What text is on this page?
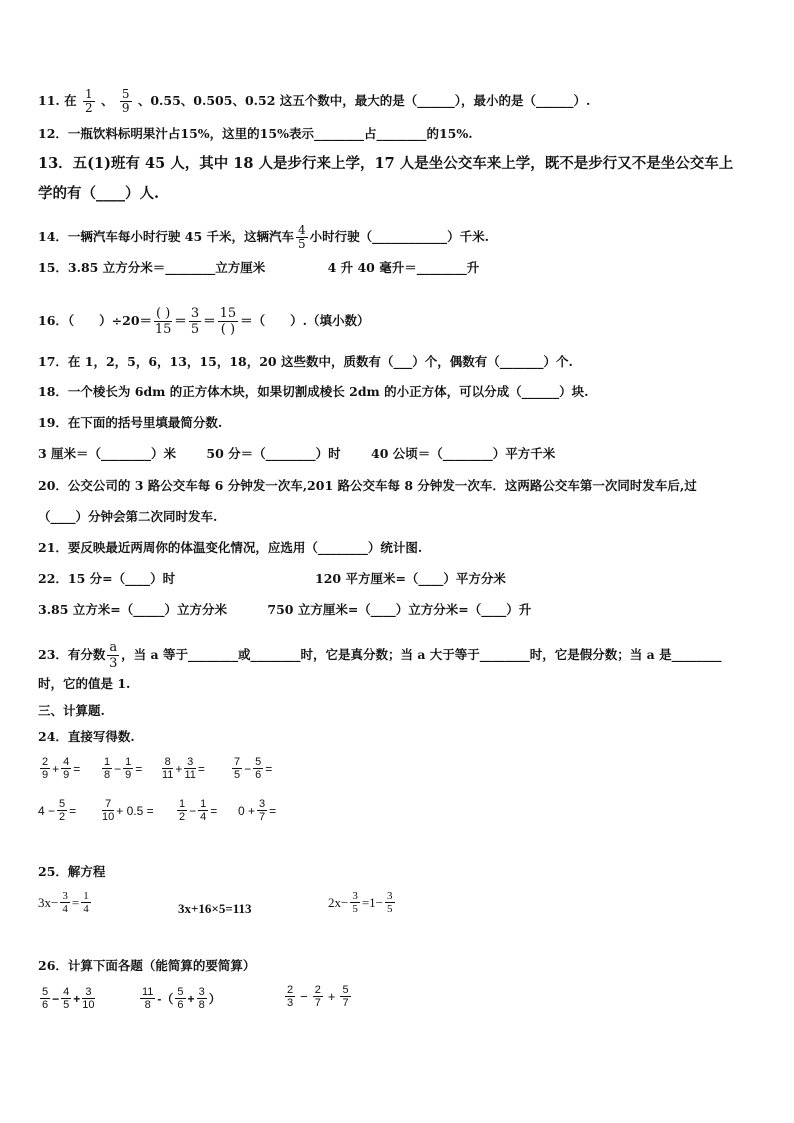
11. 在 $\frac{1}{2}$ 、 $\frac{5}{9}$ 、0.55、0.505、0.52 这五个数中，最大的是（______），最小的是（______）.
12．一瓶饮料标明果汁占15%，这里的15%表示________占________的15%.
13．五(1)班有 45 人，其中 18 人是步行来上学，17 人是坐公交车来上学，既不是步行又不是坐公交车上
学的有（____）人.
14．一辆汽车每小时行驶 45 千米，这辆汽车 $\frac{4}{5}$ 小时行驶（____________）千米.
15．3.85 立方分米＝________立方厘米	4 升 40 毫升＝________升
16．（　　）$\div 20= \frac{( )}{15} = \frac{3}{5} = \frac{15}{( )}$ ＝（　　）.（填小数）
17．在 1，2，5，6，13，15，18，20 这些数中，质数有（___）个，偶数有（_______）个.
18．一个棱长为 6dm 的正方体木块，如果切割成棱长 2dm 的小正方体，可以分成（______）块.
19．在下面的括号里填最简分数.
3 厘米＝（________）米 50 分＝（________）时 40 公顷＝（________）平方千米
20．公交公司的 3 路公交车每 6 分钟发一次车,201 路公交车每 8 分钟发一次车．这两路公交车第一次同时发车后,过
（____）分钟会第二次同时发车.
21．要反映最近两周你的体温变化情况，应选用（________）统计图.
22．15 分=（____）时	120 平方厘米=（____）平方分米
3.85 立方米=（_____）立方分米	750 立方厘米=（____）立方分米=（____）升
23．有分数 $\frac{a}{3}$ ，当 a 等于________或________时，它是真分数；当 a 大于等于________时，它是假分数；当 a 是________
时，它的值是 1.
三、计算题.
24．直接写得数.
$\frac{2}{9} + \frac{4}{9} = \frac{1}{8} - \frac{1}{9} = \frac{8}{11} + \frac{3}{11} = \frac{7}{5} - \frac{5}{6}$ =
$4 - \frac{5}{2} = \frac{7}{10} + 0.5 = \frac{1}{2} - \frac{1}{4} = 0 + \frac{3}{7}$ =
25．解方程
$3x- \frac{3}{4} = \frac{1}{4}$	3x+16×5=113	$2x- \frac{3}{5} =1- \frac{3}{5}$
26．计算下面各题（能简算的要简算）
$\frac{5}{6} - \frac{4}{5} + \frac{3}{10}$	$\frac{11}{8}$ -（ $\frac{5}{6} + \frac{3}{8}$ ）	$\frac{2}{3} - \frac{2}{7} + \frac{5}{7}$
